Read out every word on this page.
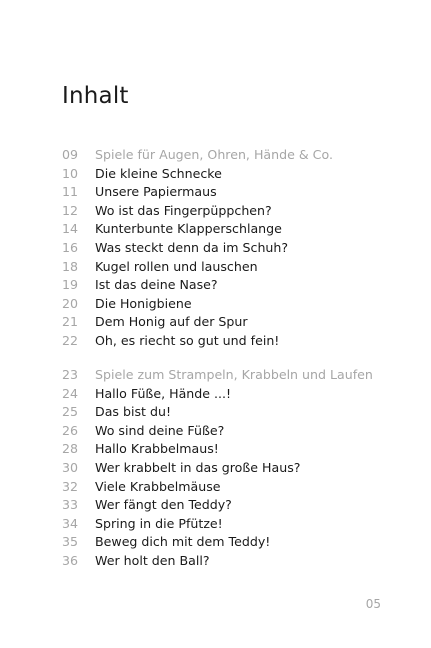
Inhalt
09	Spiele für Augen, Ohren, Hände & Co.
10	Die kleine Schnecke
11	Unsere Papiermaus
12	Wo ist das Fingerpüppchen?
14	Kunterbunte Klapperschlange
16	Was steckt denn da im Schuh?
18	Kugel rollen und lauschen
19	Ist das deine Nase?
20	Die Honigbiene
21	Dem Honig auf der Spur
22	Oh, es riecht so gut und fein!
23	Spiele zum Strampeln, Krabbeln und Laufen
24	Hallo Füße, Hände ...!
25	Das bist du!
26	Wo sind deine Füße?
28	Hallo Krabbelmaus!
30	Wer krabbelt in das große Haus?
32	Viele Krabbelmäuse
33	Wer fängt den Teddy?
34	Spring in die Pfütze!
35	Beweg dich mit dem Teddy!
36	Wer holt den Ball?
05
